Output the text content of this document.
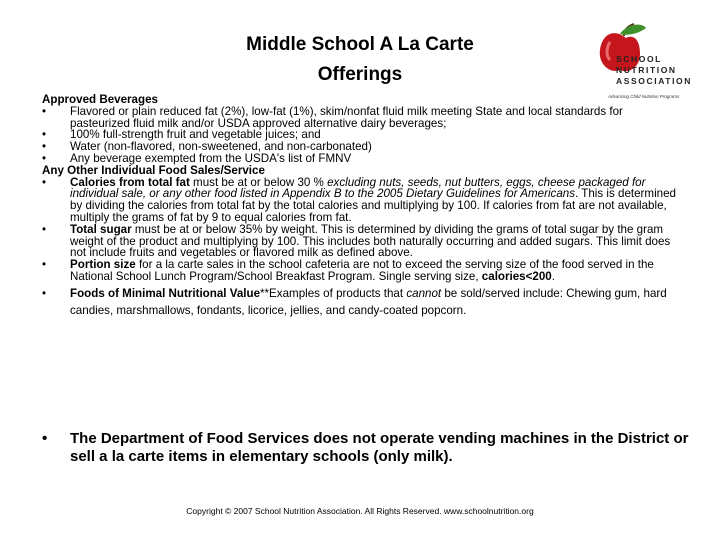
Middle School A La Carte
Offerings
SCHOOL
NUTRITION
ASSOCIATION
Advancing Child Nutrition Programs
Approved Beverages
• Flavored or plain reduced fat (2%), low-fat (1%), skim/nonfat fluid milk meeting State and local standards for pasteurized fluid milk and/or USDA approved alternative dairy beverages;
• 100% full-strength fruit and vegetable juices; and
• Water (non-flavored, non-sweetened, and non-carbonated)
• Any beverage exempted from the USDA's list of FMNV
Any Other Individual Food Sales/Service
• Calories from total fat must be at or below 30 % excluding nuts, seeds, nut butters, eggs, cheese packaged for individual sale, or any other food listed in Appendix B to the 2005 Dietary Guidelines for Americans. This is determined by dividing the calories from total fat by the total calories and multiplying by 100. If calories from fat are not available, multiply the grams of fat by 9 to equal calories from fat.
• Total sugar must be at or below 35% by weight. This is determined by dividing the grams of total sugar by the gram weight of the product and multiplying by 100. This includes both naturally occurring and added sugars. This limit does not include fruits and vegetables or flavored milk as defined above.
• Portion size for a la carte sales in the school cafeteria are not to exceed the serving size of the food served in the National School Lunch Program/School Breakfast Program. Single serving size, calories<200.
• Foods of Minimal Nutritional Value**Examples of products that cannot be sold/served include: Chewing gum, hard candies, marshmallows, fondants, licorice, jellies, and candy-coated popcorn.
• The Department of Food Services does not operate vending machines in the District or sell a la carte items in elementary schools (only milk).
Copyright © 2007 School Nutrition Association. All Rights Reserved. www.schoolnutrition.org
